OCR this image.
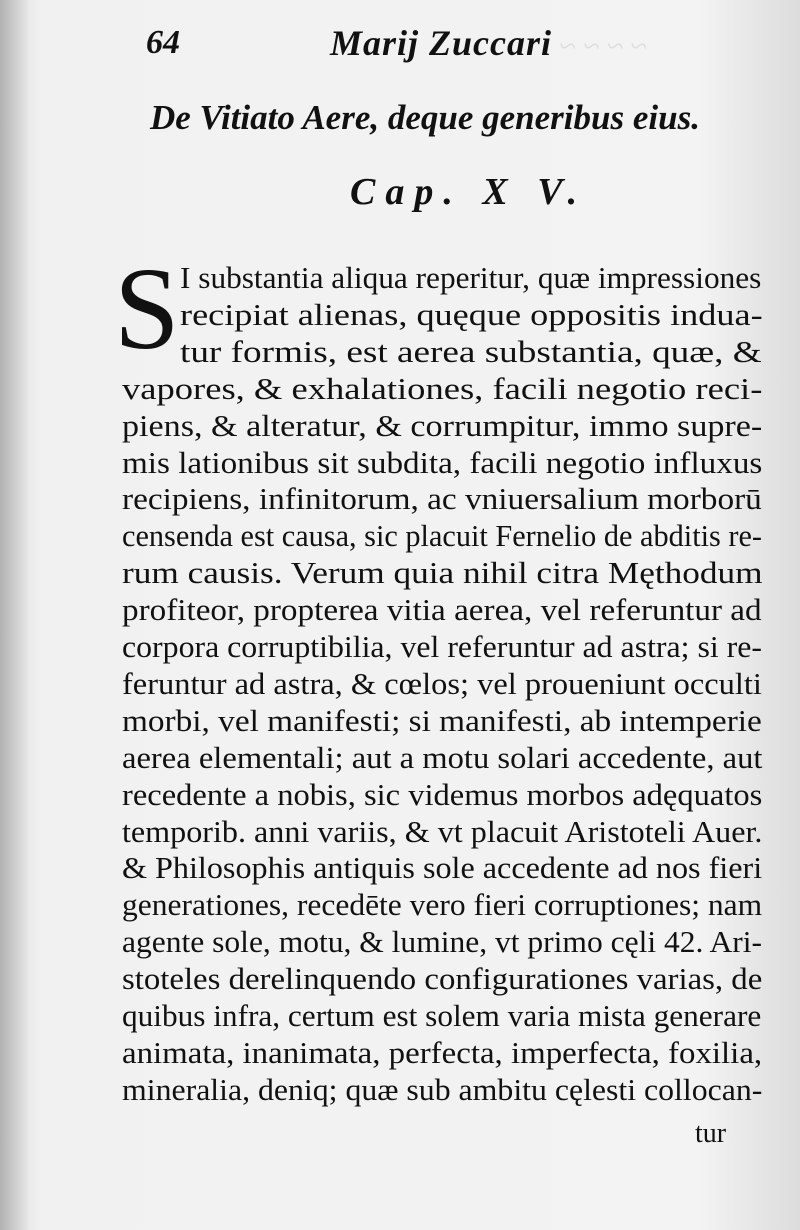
~ ~ ~ ~
64	Marij Zuccari
De Vitiato Aere, deque generibus eius.
Cap. X V.
S I substantia aliqua reperitur, quæ impressiones
recipiat alienas, quęque oppositis indua-
tur formis, est aerea substantia, quæ, &
vapores, & exhalationes, facili negotio reci-
piens, & alteratur, & corrumpitur, immo supre-
mis lationibus sit subdita, facili negotio influxus
recipiens, infinitorum, ac vniuersalium morborū
censenda est causa, sic placuit Fernelio de abditis re-
rum causis. Verum quia nihil citra Męthodum
profiteor, propterea vitia aerea, vel referuntur ad
corpora corruptibilia, vel referuntur ad astra; si re-
feruntur ad astra, & cœlos; vel proueniunt occulti
morbi, vel manifesti; si manifesti, ab intemperie
aerea elementali; aut a motu solari accedente, aut
recedente a nobis, sic videmus morbos adęquatos
temporib. anni variis, & vt placuit Aristoteli Auer.
& Philosophis antiquis sole accedente ad nos fieri
generationes, recedēte vero fieri corruptiones; nam
agente sole, motu, & lumine, vt primo cęli 42. Ari-
stoteles derelinquendo configurationes varias, de
quibus infra, certum est solem varia mista generare
animata, inanimata, perfecta, imperfecta, foxilia,
mineralia, deniq; quæ sub ambitu cęlesti collocan-
tur
